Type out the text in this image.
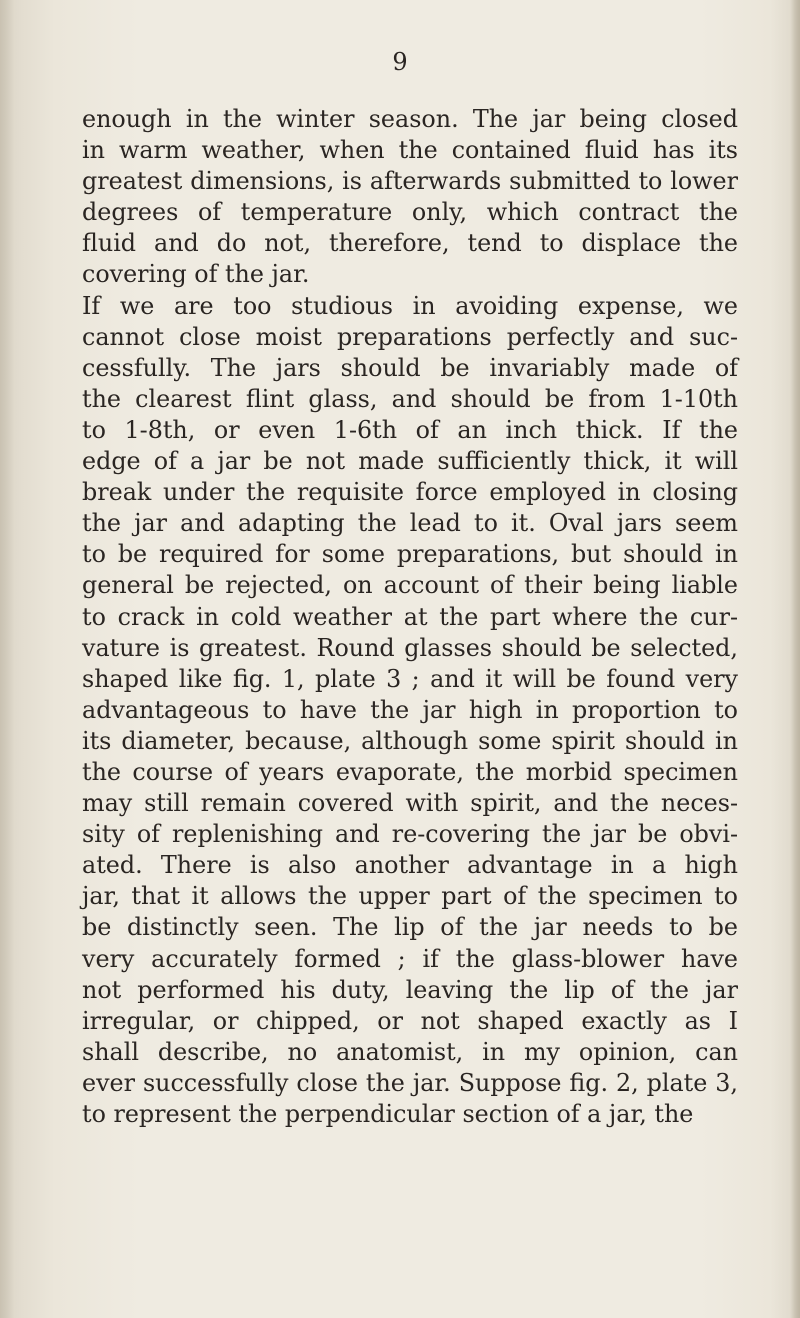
9
enough in the winter season. The jar being closed
in warm weather, when the contained fluid has its
greatest dimensions, is afterwards submitted to lower
degrees of temperature only, which contract the
fluid and do not, therefore, tend to displace the
covering of the jar.
If we are too studious in avoiding expense, we
cannot close moist preparations perfectly and suc-
cessfully. The jars should be invariably made of
the clearest flint glass, and should be from 1-10th
to 1-8th, or even 1-6th of an inch thick. If the
edge of a jar be not made sufficiently thick, it will
break under the requisite force employed in closing
the jar and adapting the lead to it. Oval jars seem
to be required for some preparations, but should in
general be rejected, on account of their being liable
to crack in cold weather at the part where the cur-
vature is greatest. Round glasses should be selected,
shaped like fig. 1, plate 3 ; and it will be found very
advantageous to have the jar high in proportion to
its diameter, because, although some spirit should in
the course of years evaporate, the morbid specimen
may still remain covered with spirit, and the neces-
sity of replenishing and re-covering the jar be obvi-
ated. There is also another advantage in a high
jar, that it allows the upper part of the specimen to
be distinctly seen. The lip of the jar needs to be
very accurately formed ; if the glass-blower have
not performed his duty, leaving the lip of the jar
irregular, or chipped, or not shaped exactly as I
shall describe, no anatomist, in my opinion, can
ever successfully close the jar. Suppose fig. 2, plate 3,
to represent the perpendicular section of a jar, the
